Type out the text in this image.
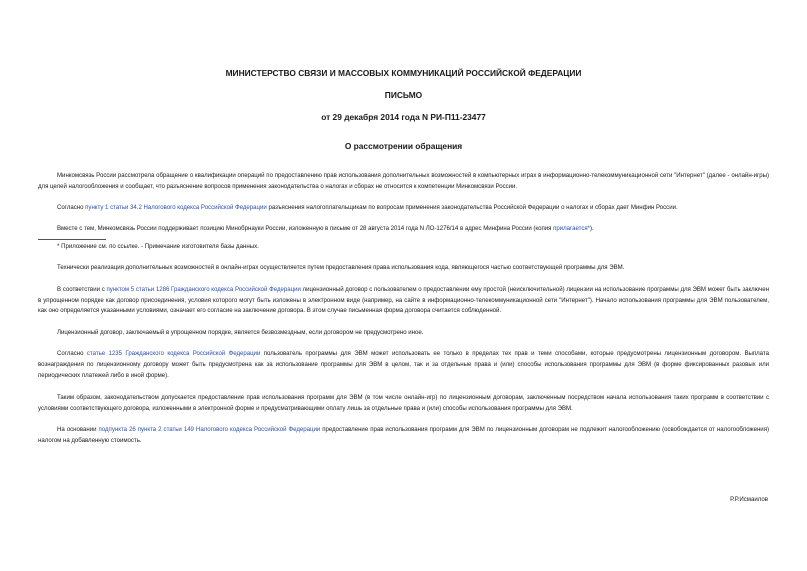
МИНИСТЕРСТВО СВЯЗИ И МАССОВЫХ КОММУНИКАЦИЙ РОССИЙСКОЙ ФЕДЕРАЦИИ

ПИСЬМО

от 29 декабря 2014 года N РИ-П11-23477

О рассмотрении обращения

Минкомсвязь России рассмотрела обращение о квалификации операций по предоставлению прав использования дополнительных возможностей в компьютерных играх в информационно-телекоммуникационной сети "Интернет" (далее - онлайн-игры) для целей налогообложения и сообщает, что разъяснение вопросов применения законодательства о налогах и сборах не относится к компетенции Минкомсвязи России.

Согласно пункту 1 статьи 34.2 Налогового кодекса Российской Федерации разъяснения налогоплательщикам по вопросам применения законодательства Российской Федерации о налогах и сборах дает Минфин России.

Вместе с тем, Минкомсвязь России поддерживает позицию Минобрнауки России, изложенную в письме от 28 августа 2014 года N ЛО-1276/14 в адрес Минфина России (копия прилагается*).

* Приложение см. по ссылке. - Примечание изготовителя базы данных.

Технически реализация дополнительных возможностей в онлайн-играх осуществляется путем предоставления права использования кода, являющегося частью соответствующей программы для ЭВМ.

В соответствии с пунктом 5 статьи 1286 Гражданского кодекса Российской Федерации лицензионный договор с пользователем о предоставлении ему простой (неисключительной) лицензии на использование программы для ЭВМ может быть заключен в упрощенном порядке как договор присоединения, условия которого могут быть изложены в электронном виде (например, на сайте в информационно-телекоммуникационной сети "Интернет"). Начало использования программы для ЭВМ пользователем, как оно определяется указанными условиями, означает его согласие на заключение договора. В этом случае письменная форма договора считается соблюденной.

Лицензионный договор, заключаемый в упрощенном порядке, является безвозмездным, если договором не предусмотрено иное.

Согласно статье 1235 Гражданского кодекса Российской Федерации пользователь программы для ЭВМ может использовать ее только в пределах тех прав и теми способами, которые предусмотрены лицензионным договором. Выплата вознаграждения по лицензионному договору может быть предусмотрена как за использование программы для ЭВМ в целом, так и за отдельные права и (или) способы использования программы для ЭВМ (в форме фиксированных разовых или периодических платежей либо в иной форме).

Таким образом, законодательством допускается предоставление прав использования программ для ЭВМ (в том числе онлайн-игр) по лицензионным договорам, заключенным посредством начала использования таких программ в соответствии с условиями соответствующего договора, изложенными в электронной форме и предусматривающими оплату лишь за отдельные права и (или) способы использования программы для ЭВМ.

На основании подпункта 26 пункта 2 статьи 149 Налогового кодекса Российской Федерации предоставление прав использования программ для ЭВМ по лицензионным договорам не подлежит налогообложению (освобождается от налогообложения) налогом на добавленную стоимость.

Р.Р.Исмаилов
